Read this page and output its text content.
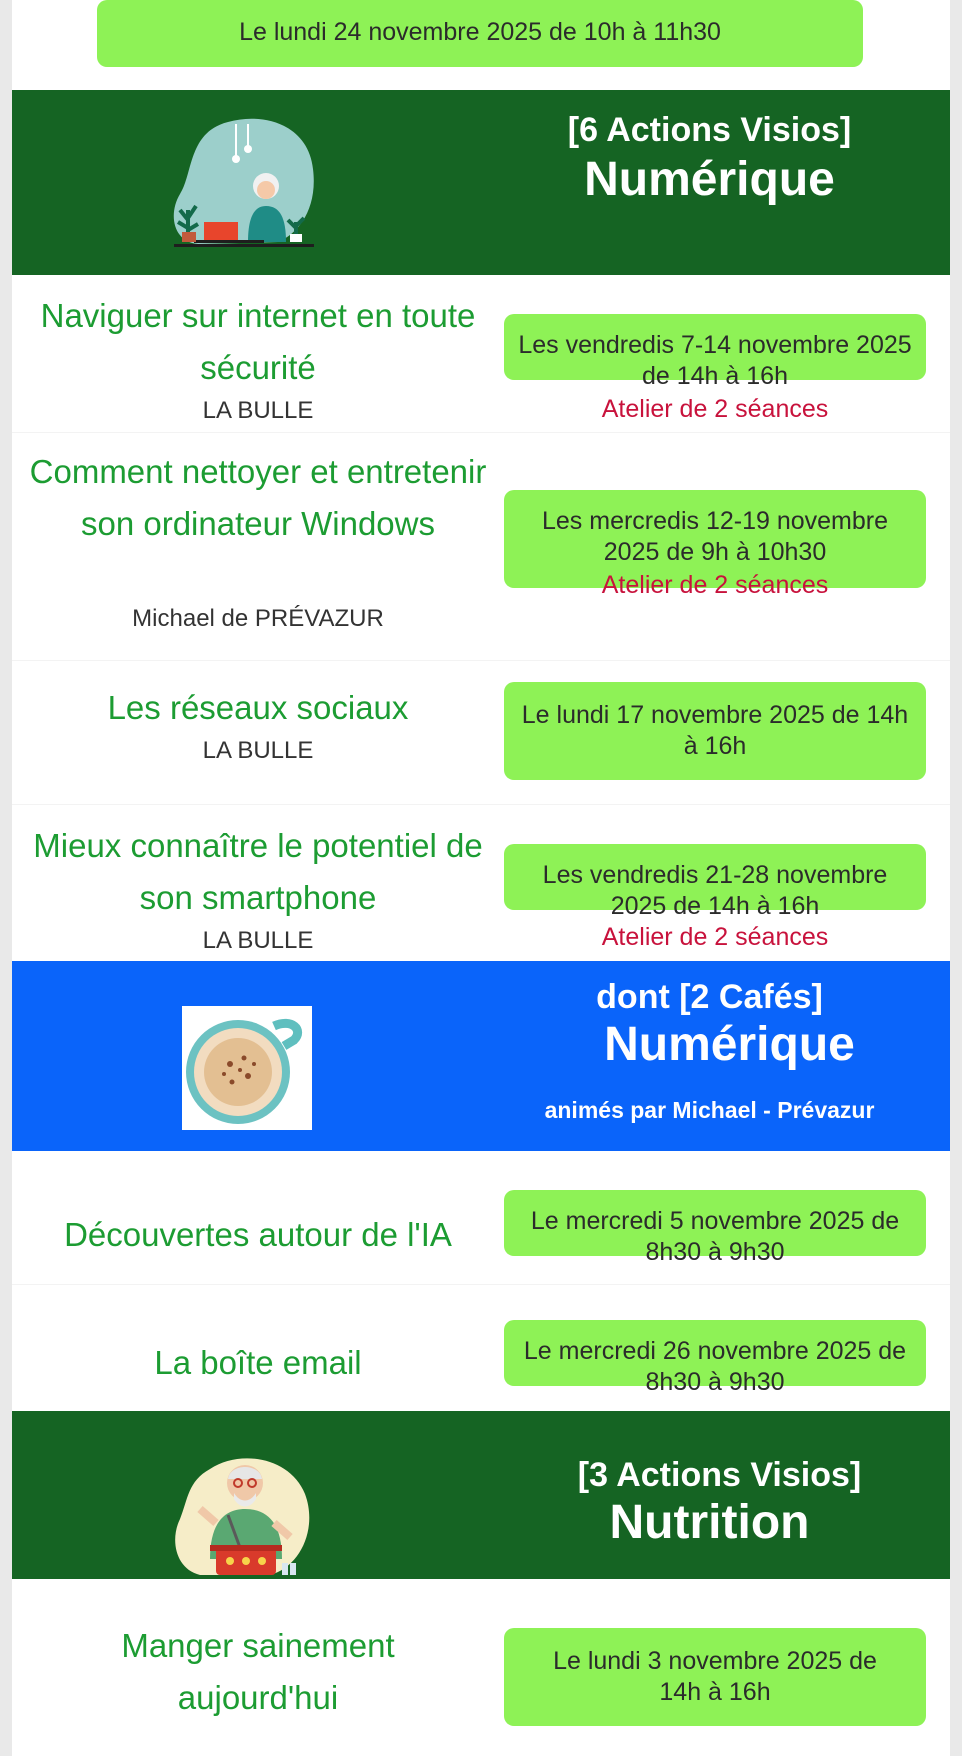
Le lundi 24 novembre 2025 de 10h à 11h30
[6 Actions Visios]
Numérique
Naviguer sur internet en toute sécurité
LA BULLE
Les vendredis 7-14 novembre 2025 de 14h à 16h
Atelier de 2 séances
Comment nettoyer et entretenir son ordinateur Windows
Michael de PRÉVAZUR
Les mercredis 12-19 novembre 2025 de 9h à 10h30
Atelier de 2 séances
Les réseaux sociaux
LA BULLE
Le lundi 17 novembre 2025 de 14h à 16h
Mieux connaître le potentiel de son smartphone
LA BULLE
Les vendredis 21-28 novembre 2025 de 14h à 16h
Atelier de 2 séances
dont [2 Cafés]
Numérique
animés par Michael - Prévazur
Découvertes autour de l'IA	Le mercredi 5 novembre 2025 de 8h30 à 9h30
La boîte email	Le mercredi 26 novembre 2025 de 8h30 à 9h30
[3 Actions Visios]
Nutrition
Manger sainement aujourd'hui
Le lundi 3 novembre 2025 de 14h à 16h
